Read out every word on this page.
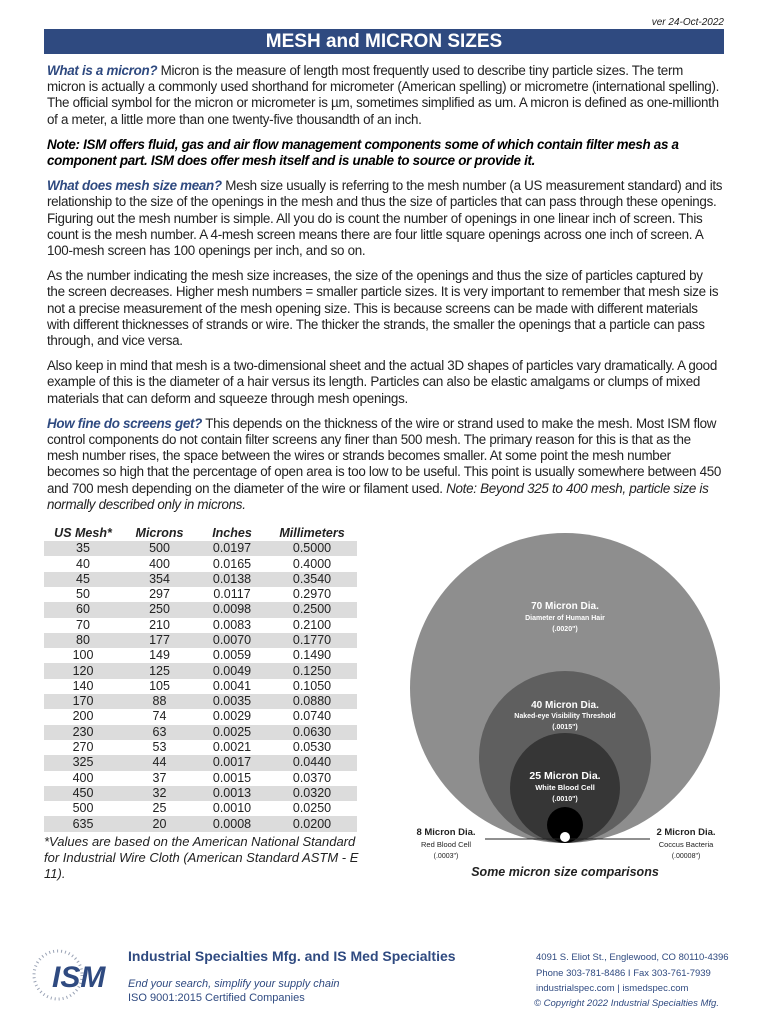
ver 24-Oct-2022
MESH and MICRON SIZES
What is a micron? Micron is the measure of length most frequently used to describe tiny particle sizes. The term micron is actually a commonly used shorthand for micrometer (American spelling) or micrometre (international spelling). The official symbol for the micron or micrometer is µm, sometimes simplified as um. A micron is defined as one-millionth of a meter, a little more than one twenty-five thousandth of an inch.
Note: ISM offers fluid, gas and air flow management components some of which contain filter mesh as a component part. ISM does offer mesh itself and is unable to source or provide it.
What does mesh size mean? Mesh size usually is referring to the mesh number (a US measurement standard) and its relationship to the size of the openings in the mesh and thus the size of particles that can pass through these openings. Figuring out the mesh number is simple. All you do is count the number of openings in one linear inch of screen. This count is the mesh number. A 4-mesh screen means there are four little square openings across one inch of screen. A 100-mesh screen has 100 openings per inch, and so on.
As the number indicating the mesh size increases, the size of the openings and thus the size of particles captured by the screen decreases. Higher mesh numbers = smaller particle sizes. It is very important to remember that mesh size is not a precise measurement of the mesh opening size. This is because screens can be made with different materials with different thicknesses of strands or wire. The thicker the strands, the smaller the openings that a particle can pass through, and vice versa.
Also keep in mind that mesh is a two-dimensional sheet and the actual 3D shapes of particles vary dramatically. A good example of this is the diameter of a hair versus its length. Particles can also be elastic amalgams or clumps of mixed materials that can deform and squeeze through mesh openings.
How fine do screens get? This depends on the thickness of the wire or strand used to make the mesh. Most ISM flow control components do not contain filter screens any finer than 500 mesh. The primary reason for this is that as the mesh number rises, the space between the wires or strands becomes smaller. At some point the mesh number becomes so high that the percentage of open area is too low to be useful. This point is usually somewhere between 450 and 700 mesh depending on the diameter of the wire or filament used. Note: Beyond 325 to 400 mesh, particle size is normally described only in microns.
US Mesh*	Microns	Inches	Millimeters
35	500	0.0197	0.5000
40	400	0.0165	0.4000
45	354	0.0138	0.3540
50	297	0.0117	0.2970
60	250	0.0098	0.2500
70	210	0.0083	0.2100
80	177	0.0070	0.1770
100	149	0.0059	0.1490
120	125	0.0049	0.1250
140	105	0.0041	0.1050
170	88	0.0035	0.0880
200	74	0.0029	0.0740
230	63	0.0025	0.0630
270	53	0.0021	0.0530
325	44	0.0017	0.0440
400	37	0.0015	0.0370
450	32	0.0013	0.0320
500	25	0.0010	0.0250
635	20	0.0008	0.0200
*Values are based on the American National Standard for Industrial Wire Cloth (American Standard ASTM - E 11).
70 Micron Dia.
Diameter of Human Hair
(.0020")
40 Micron Dia.
Naked-eye Visibility Threshold
(.0015")
25 Micron Dia.
White Blood Cell
(.0010")
8 Micron Dia.
Red Blood Cell
(.0003")
2 Micron Dia.
Coccus Bacteria
(.00008")
Some micron size comparisons
ISM
Industrial Specialties Mfg. and IS Med Specialties
End your search, simplify your supply chain
ISO 9001:2015 Certified Companies
4091 S. Eliot St., Englewood, CO 80110-4396
Phone 303-781-8486 I Fax 303-761-7939
industrialspec.com | ismedspec.com
© Copyright 2022 Industrial Specialties Mfg.
